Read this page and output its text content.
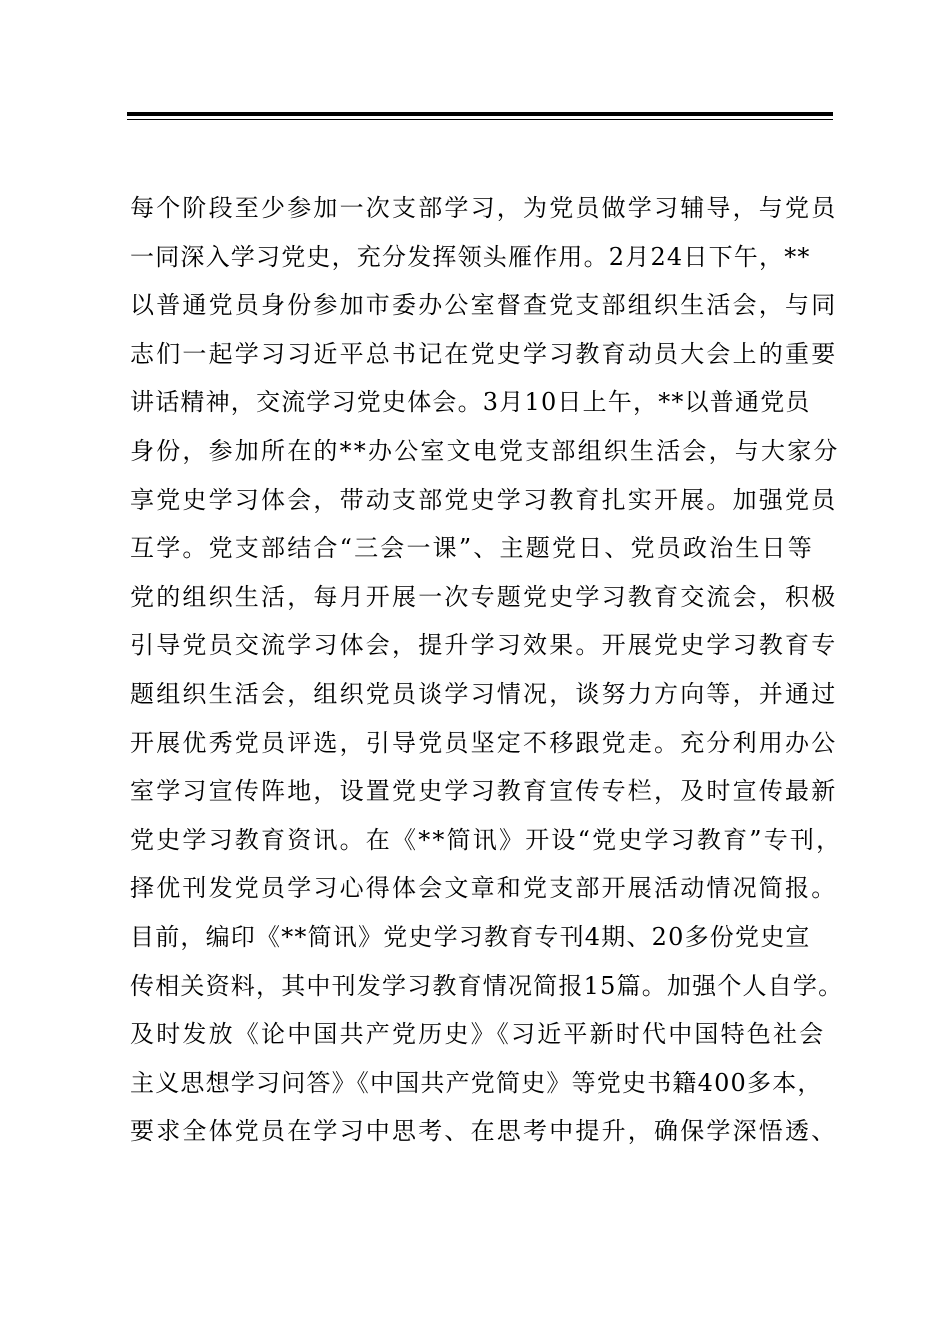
每个阶段至少参加一次支部学习，为党员做学习辅导，与党员
一同深入学习党史，充分发挥领头雁作用。2月24日下午，**
以普通党员身份参加市委办公室督查党支部组织生活会，与同
志们一起学习习近平总书记在党史学习教育动员大会上的重要
讲话精神，交流学习党史体会。3月10日上午，**以普通党员
身份，参加所在的**办公室文电党支部组织生活会，与大家分
享党史学习体会，带动支部党史学习教育扎实开展。加强党员
互学。党支部结合“三会一课”、主题党日、党员政治生日等
党的组织生活，每月开展一次专题党史学习教育交流会，积极
引导党员交流学习体会，提升学习效果。开展党史学习教育专
题组织生活会，组织党员谈学习情况，谈努力方向等，并通过
开展优秀党员评选，引导党员坚定不移跟党走。充分利用办公
室学习宣传阵地，设置党史学习教育宣传专栏，及时宣传最新
党史学习教育资讯。在《**简讯》开设“党史学习教育”专刊，
择优刊发党员学习心得体会文章和党支部开展活动情况简报。
目前，编印《**简讯》党史学习教育专刊4期、20多份党史宣
传相关资料，其中刊发学习教育情况简报15篇。加强个人自学。
及时发放《论中国共产党历史》《习近平新时代中国特色社会
主义思想学习问答》《中国共产党简史》等党史书籍400多本，
要求全体党员在学习中思考、在思考中提升，确保学深悟透、
